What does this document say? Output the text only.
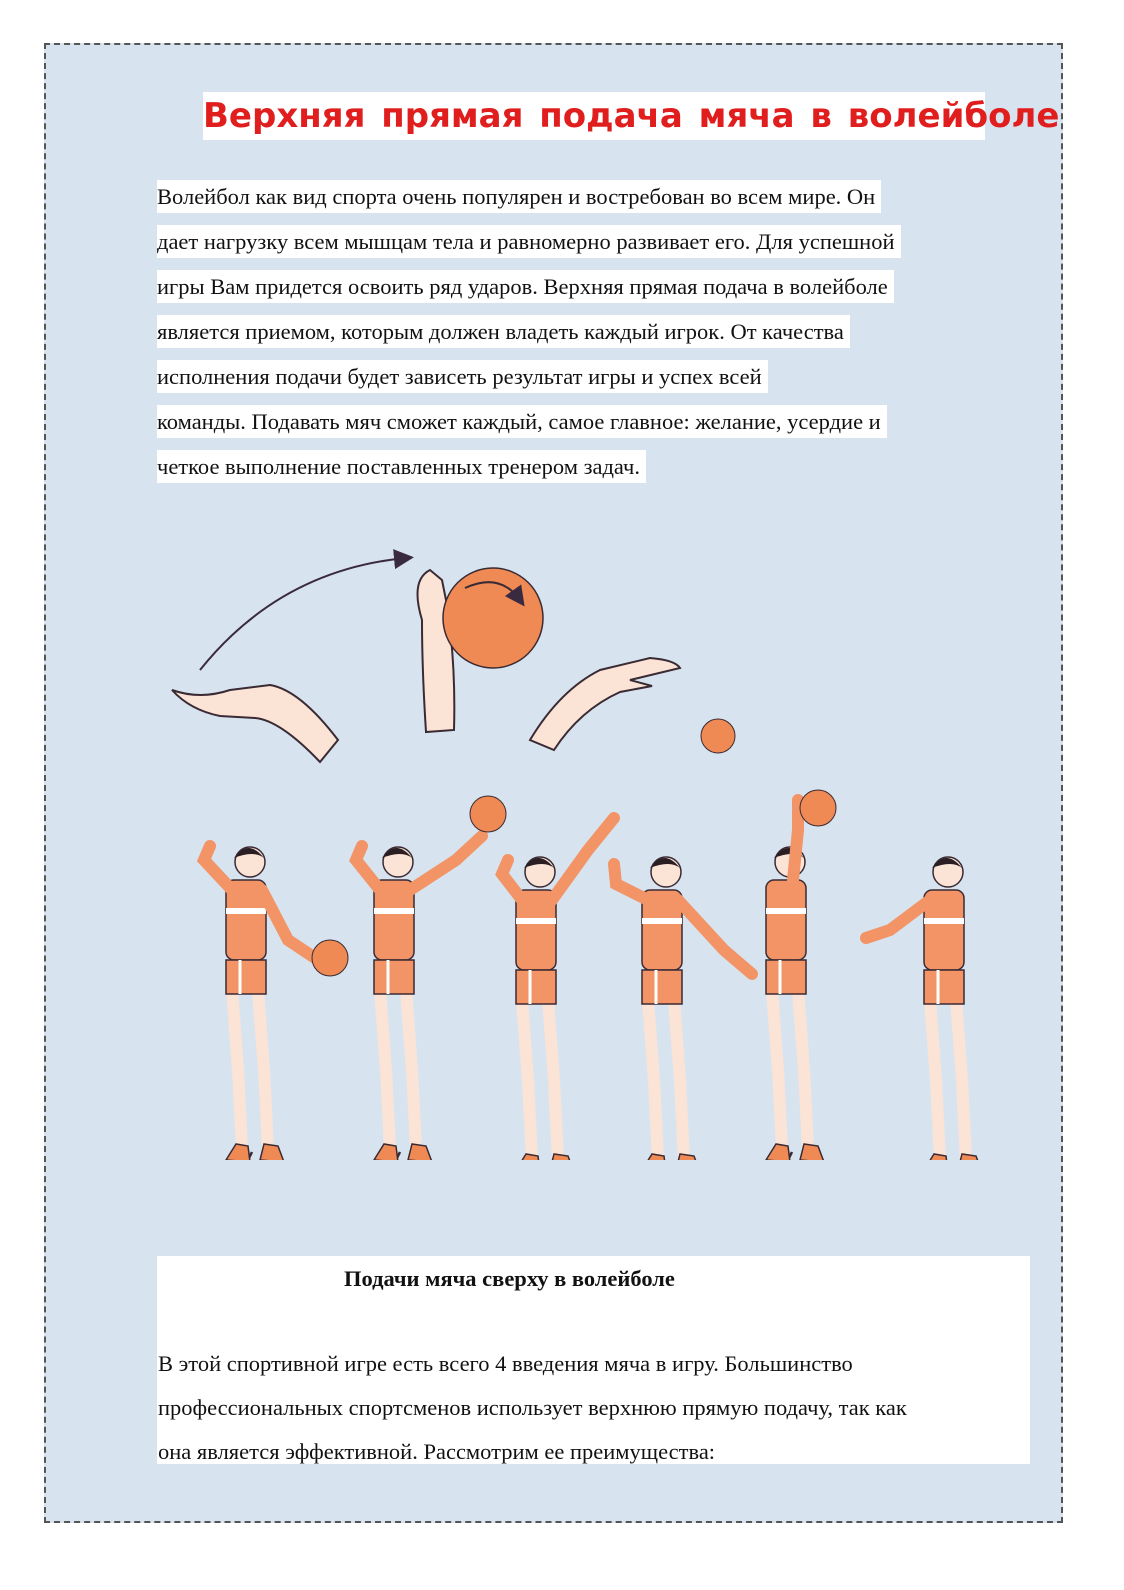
Верхняя прямая подача мяча в волейболе
Волейбол как вид спорта очень популярен и востребован во всем мире. Он
дает нагрузку всем мышцам тела и равномерно развивает его. Для успешной
игры Вам придется освоить ряд ударов. Верхняя прямая подача в волейболе
является приемом, которым должен владеть каждый игрок. От качества
исполнения подачи будет зависеть результат игры и успех всей
команды. Подавать мяч сможет каждый, самое главное: желание, усердие и
четкое выполнение поставленных тренером задач.
Подачи мяча сверху в волейболе
В этой спортивной игре есть всего 4 введения мяча в игру. Большинство
профессиональных спортсменов использует верхнюю прямую подачу, так как
она является эффективной. Рассмотрим ее преимущества:
